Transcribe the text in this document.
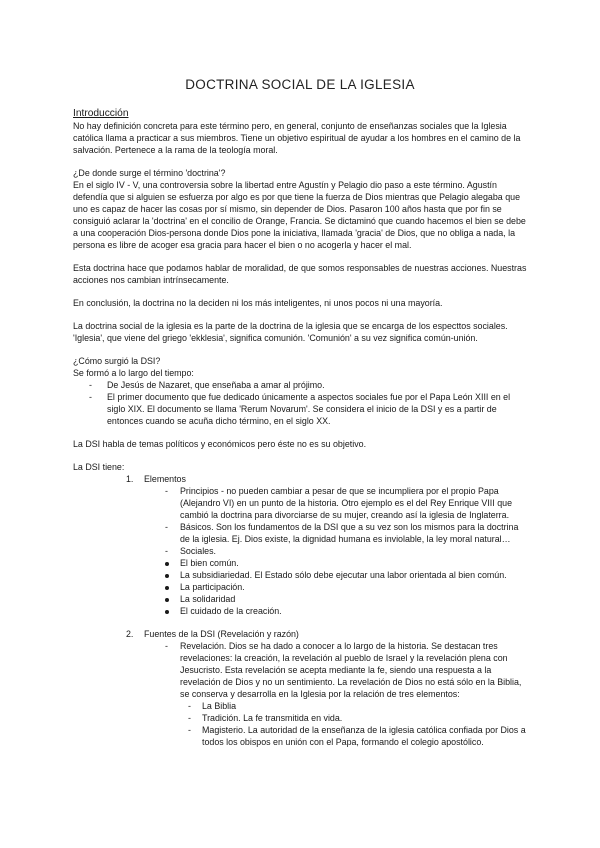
DOCTRINA SOCIAL DE LA IGLESIA
Introducción

No hay definición concreta para este término pero, en general, conjunto de enseñanzas sociales que la Iglesia católica llama a practicar a sus miembros. Tiene un objetivo espiritual de ayudar a los hombres en el camino de la salvación. Pertenece a la rama de la teología moral.

¿De donde surge el término 'doctrina'?

En el siglo IV - V, una controversia sobre la libertad entre Agustín y Pelagio dio paso a este término. Agustín defendía que si alguien se esfuerza por algo es por que tiene la fuerza de Dios mientras que Pelagio alegaba que uno es capaz de hacer las cosas por sí mismo, sin depender de Dios. Pasaron 100 años hasta que por fin se consiguió aclarar la 'doctrina' en el concilio de Orange, Francia. Se dictaminó que cuando hacemos el bien se debe a una cooperación Dios-persona donde Dios pone la iniciativa, llamada 'gracia' de Dios, que no obliga a nada, la persona es libre de acoger esa gracia para hacer el bien o no acogerla y hacer el mal.

Esta doctrina hace que podamos hablar de moralidad, de que somos responsables de nuestras acciones. Nuestras acciones nos cambian intrínsecamente.

En conclusión, la doctrina no la deciden ni los más inteligentes, ni unos pocos ni una mayoría.

La doctrina social de la iglesia es la parte de la doctrina de la iglesia que se encarga de los especttos sociales. 'Iglesia', que viene del griego 'ekklesia', significa comunión. 'Comunión' a su vez significa común-unión.

¿Cómo surgió la DSI?

Se formó a lo largo del tiempo:

- De Jesús de Nazaret, que enseñaba a amar al prójimo.
- El primer documento que fue dedicado únicamente a aspectos sociales fue por el Papa León XIII en el siglo XIX. El documento se llama 'Rerum Novarum'. Se considera el inicio de la DSI y es a partir de entonces cuando se acuña dicho término, en el siglo XX.

La DSI habla de temas políticos y económicos pero éste no es su objetivo.

La DSI tiene:

1. Elementos
- Principios - no pueden cambiar a pesar de que se incumpliera por el propio Papa (Alejandro VI) en un punto de la historia. Otro ejemplo es el del Rey Enrique VIII que cambió la doctrina para divorciarse de su mujer, creando así la iglesia de Inglaterra.
- Básicos. Son los fundamentos de la DSI que a su vez son los mismos para la doctrina de la iglesia. Ej. Dios existe, la dignidad humana es inviolable, la ley moral natural…
- Sociales.
El bien común.
La subsidiariedad. El Estado sólo debe ejecutar una labor orientada al bien común.
La participación.
La solidaridad
El cuidado de la creación.
2. Fuentes de la DSI (Revelación y razón)
- Revelación. Dios se ha dado a conocer a lo largo de la historia. Se destacan tres revelaciones: la creación, la revelación al pueblo de Israel y la revelación plena con Jesucristo. Esta revelación se acepta mediante la fe, siendo una respuesta a la revelación de Dios y no un sentimiento. La revelación de Dios no está sólo en la Biblia, se conserva y desarrolla en la Iglesia por la relación de tres elementos:
- La Biblia
- Tradición. La fe transmitida en vida.
- Magisterio. La autoridad de la enseñanza de la iglesia católica confiada por Dios a todos los obispos en unión con el Papa, formando el colegio apostólico.
